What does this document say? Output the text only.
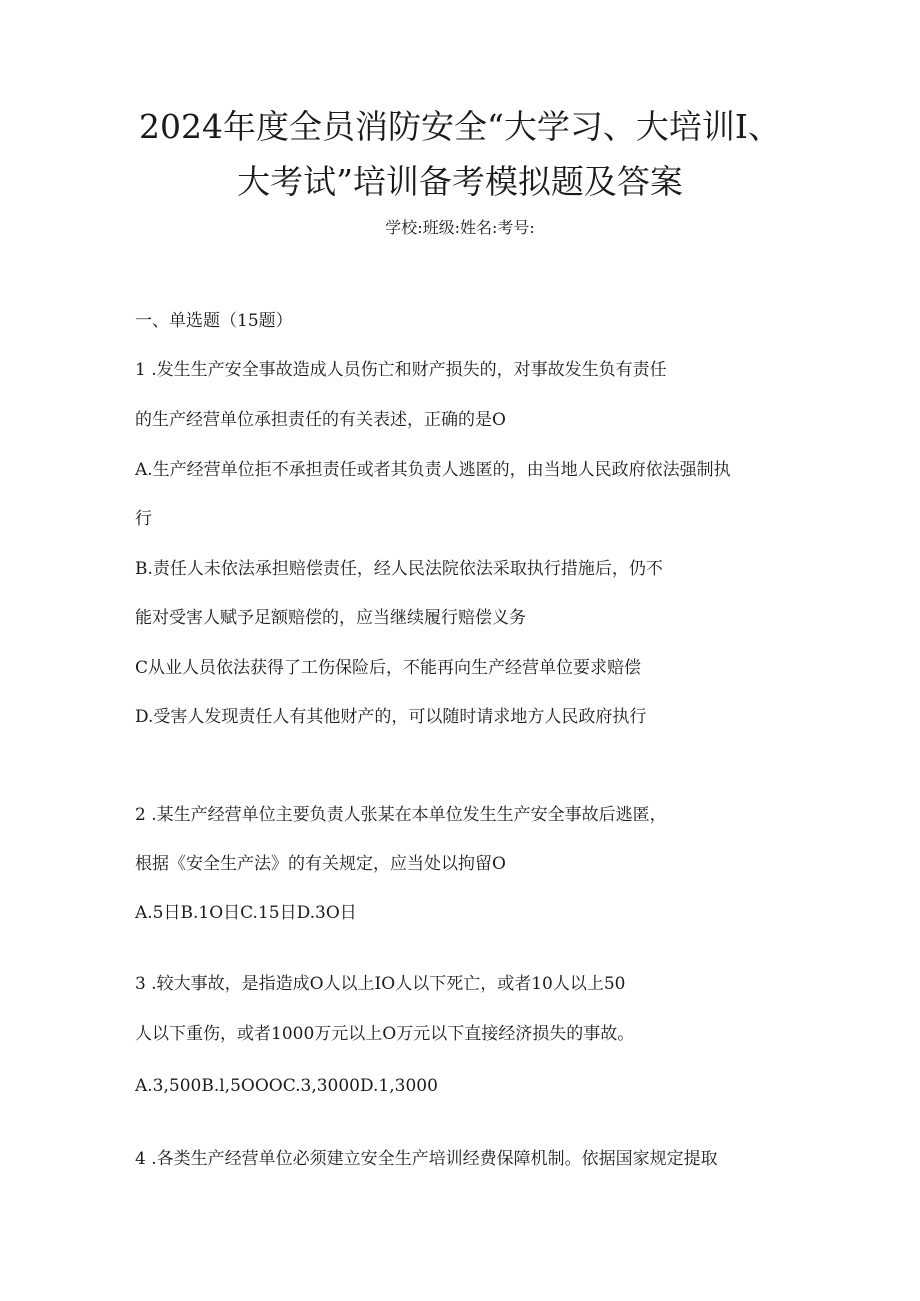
2024年度全员消防安全“大学习、大培训I、
大考试”培训备考模拟题及答案
学校:班级:姓名:考号:
一、单选题（15题）
1 .发生生产安全事故造成人员伤亡和财产损失的，对事故发生负有责任
的生产经营单位承担责任的有关表述，正确的是O
A.生产经营单位拒不承担责任或者其负责人逃匿的，由当地人民政府依法强制执
行
B.责任人未依法承担赔偿责任，经人民法院依法采取执行措施后，仍不
能对受害人赋予足额赔偿的，应当继续履行赔偿义务
C从业人员依法获得了工伤保险后，不能再向生产经营单位要求赔偿
D.受害人发现责任人有其他财产的，可以随时请求地方人民政府执行
2 .某生产经营单位主要负责人张某在本单位发生生产安全事故后逃匿，
根据《安全生产法》的有关规定，应当处以拘留O
A.5日B.1O日C.15日D.3O日
3 .较大事故，是指造成O人以上IO人以下死亡，或者10人以上50
人以下重伤，或者1000万元以上O万元以下直接经济损失的事故。
A.3,500B.l,5OOOC.3,3000D.1,3000
4 .各类生产经营单位必须建立安全生产培训经费保障机制。依据国家规定提取
